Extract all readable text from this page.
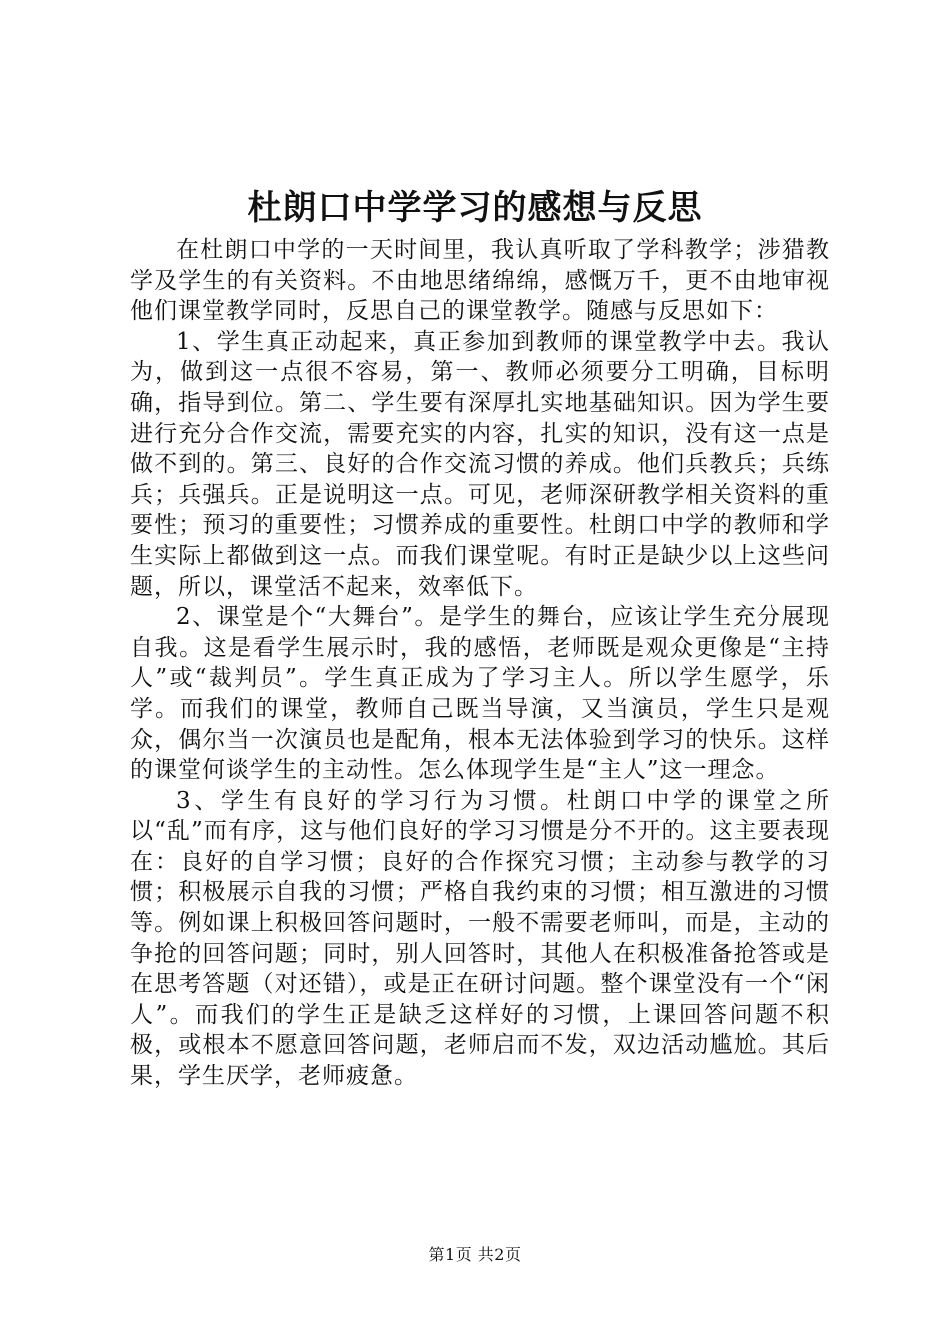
杜朗口中学学习的感想与反思

在杜朗口中学的一天时间里，我认真听取了学科教学；涉猎教学及学生的有关资料。不由地思绪绵绵，感慨万千，更不由地审视他们课堂教学同时，反思自己的课堂教学。随感与反思如下：

1、学生真正动起来，真正参加到教师的课堂教学中去。我认为，做到这一点很不容易，第一、教师必须要分工明确，目标明确，指导到位。第二、学生要有深厚扎实地基础知识。因为学生要进行充分合作交流，需要充实的内容，扎实的知识，没有这一点是做不到的。第三、良好的合作交流习惯的养成。他们兵教兵；兵练兵；兵强兵。正是说明这一点。可见，老师深研教学相关资料的重要性；预习的重要性；习惯养成的重要性。杜朗口中学的教师和学生实际上都做到这一点。而我们课堂呢。有时正是缺少以上这些问题，所以，课堂活不起来，效率低下。

2、课堂是个“大舞台”。是学生的舞台，应该让学生充分展现自我。这是看学生展示时，我的感悟，老师既是观众更像是“主持人”或“裁判员”。学生真正成为了学习主人。所以学生愿学，乐学。而我们的课堂，教师自己既当导演，又当演员，学生只是观众，偶尔当一次演员也是配角，根本无法体验到学习的快乐。这样的课堂何谈学生的主动性。怎么体现学生是“主人”这一理念。

3、学生有良好的学习行为习惯。杜朗口中学的课堂之所以“乱”而有序，这与他们良好的学习习惯是分不开的。这主要表现在：良好的自学习惯；良好的合作探究习惯；主动参与教学的习惯；积极展示自我的习惯；严格自我约束的习惯；相互激进的习惯等。例如课上积极回答问题时，一般不需要老师叫，而是，主动的争抢的回答问题；同时，别人回答时，其他人在积极准备抢答或是在思考答题（对还错），或是正在研讨问题。整个课堂没有一个“闲人”。而我们的学生正是缺乏这样好的习惯，上课回答问题不积极，或根本不愿意回答问题，老师启而不发，双边活动尴尬。其后果，学生厌学，老师疲惫。

第1页 共2页
